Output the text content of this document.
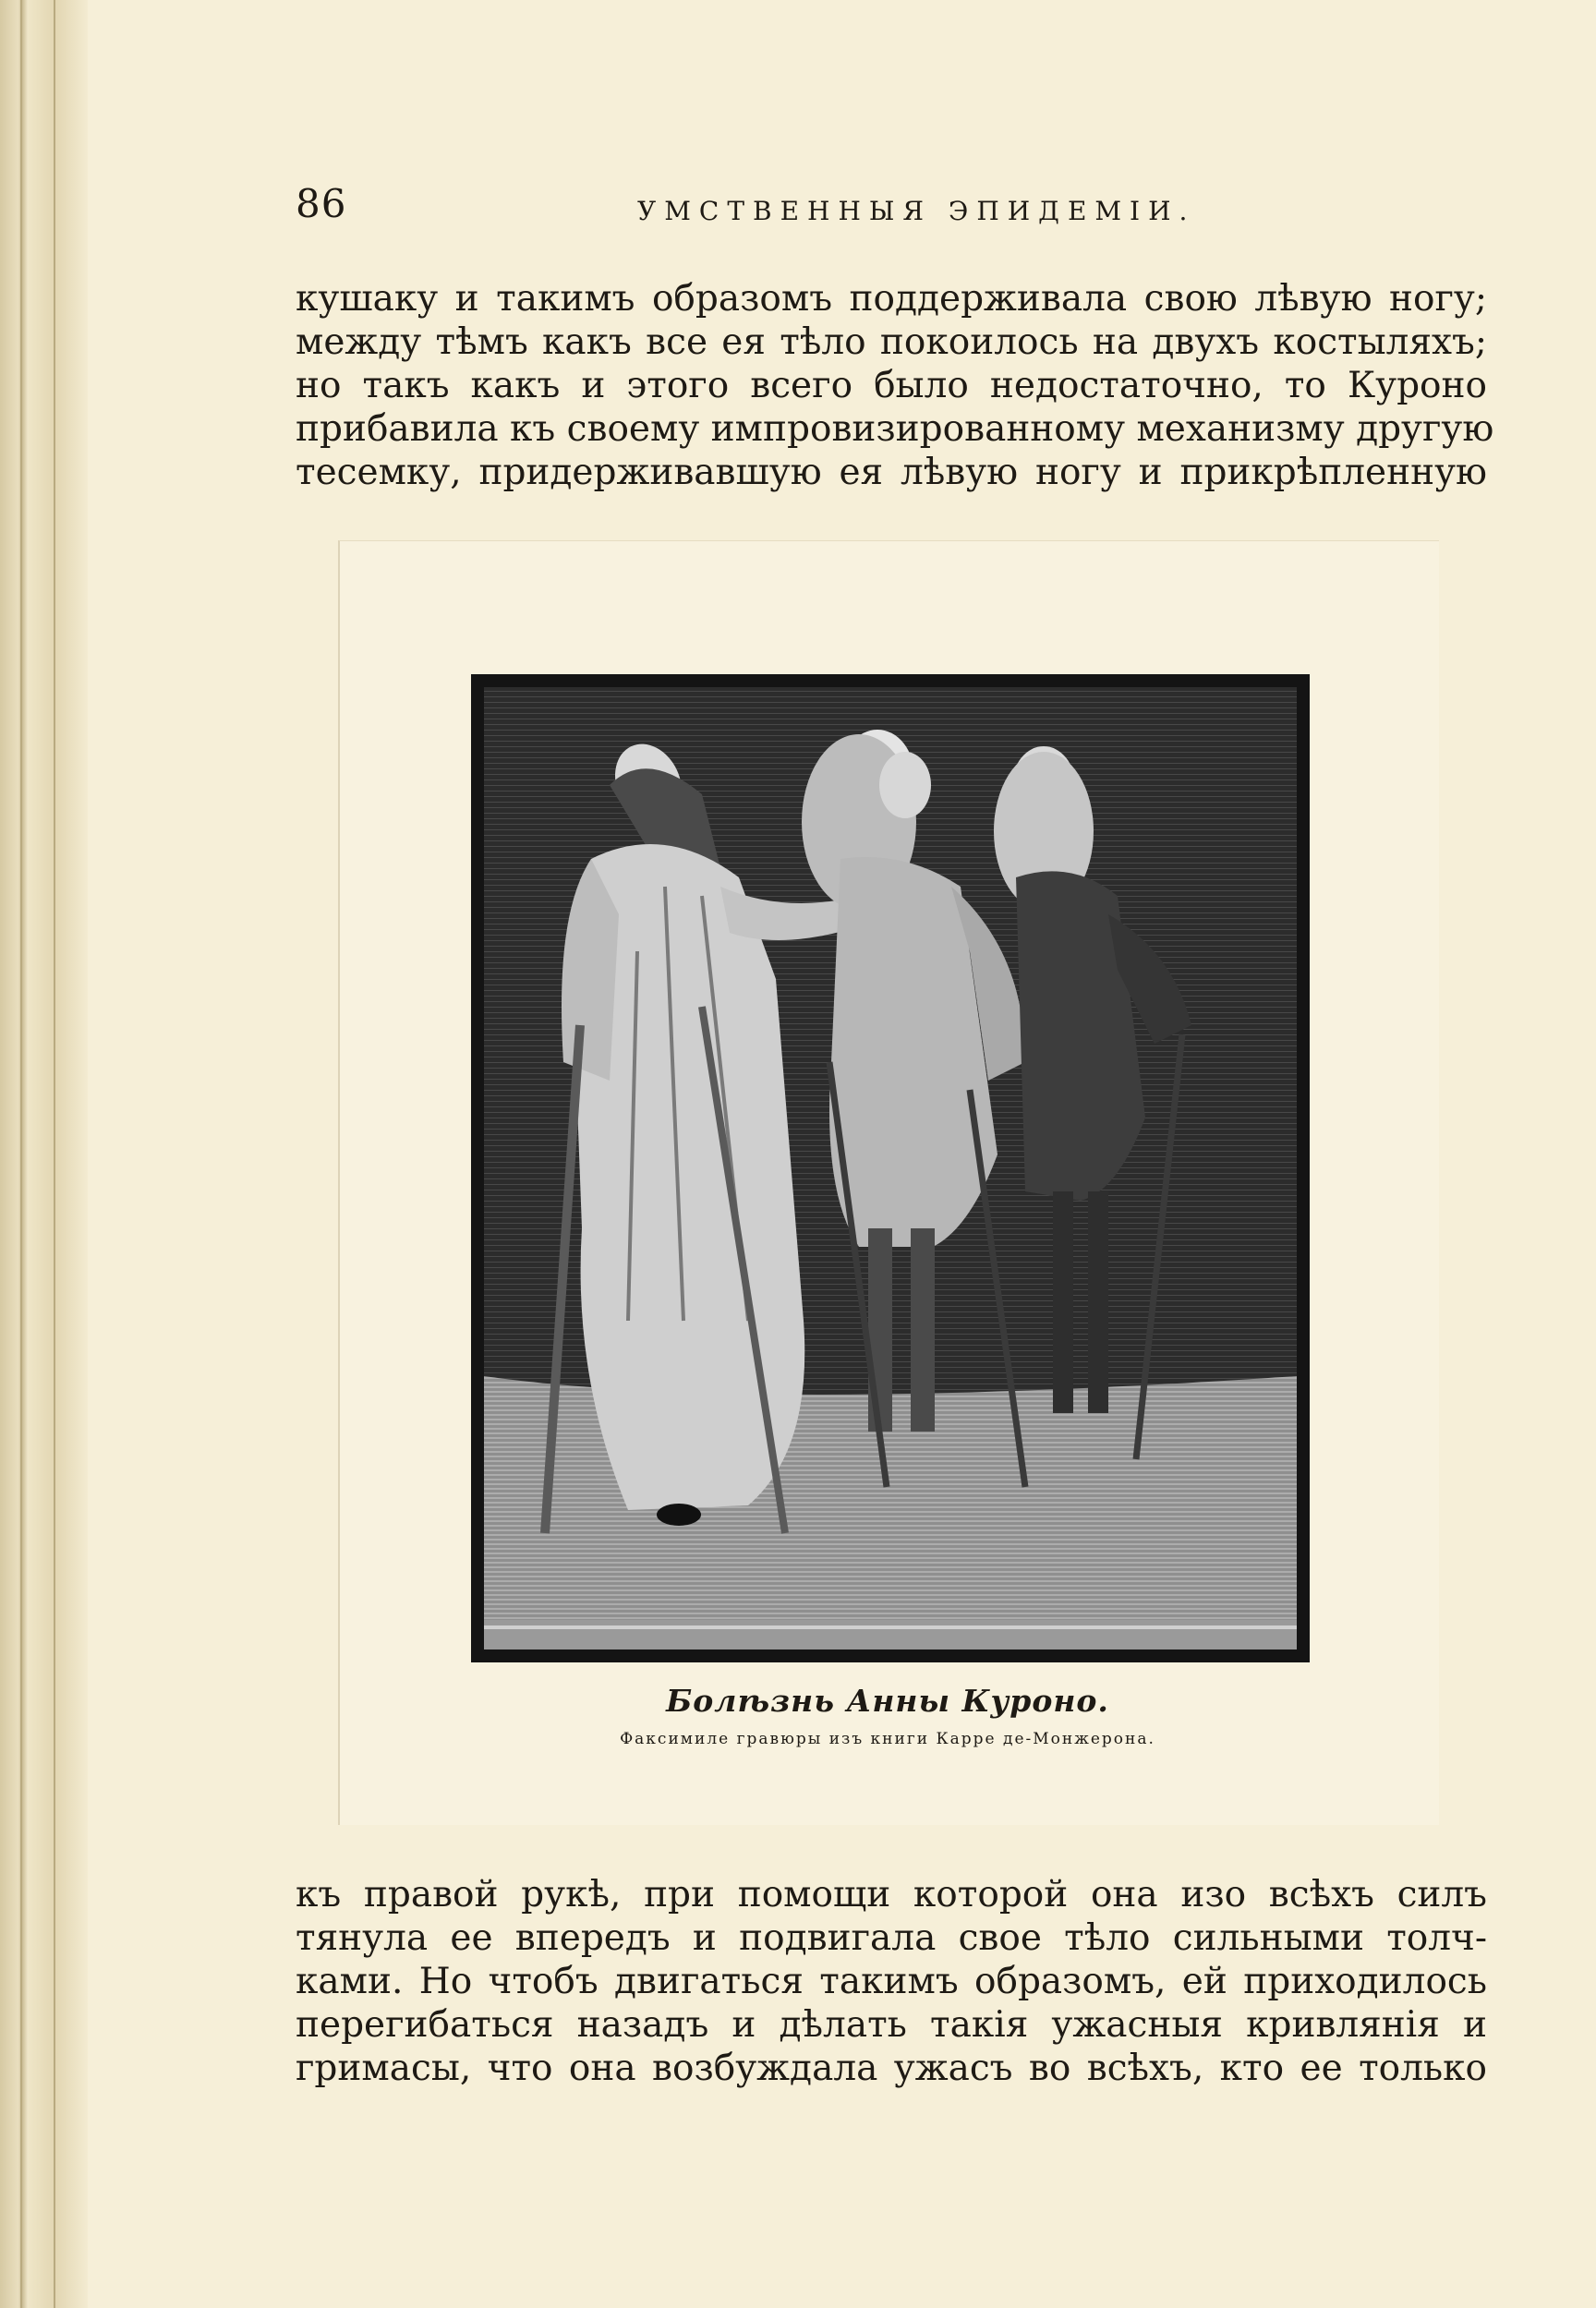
86	УМСТВЕННЫЯ ЭПИДЕМIИ.
кушаку и такимъ образомъ поддерживала свою лѣвую ногу;
между тѣмъ какъ все ея тѣло покоилось на двухъ костыляхъ;
но такъ какъ и этого всего было недостаточно, то Куроно
прибавила къ своему импровизированному механизму другую
тесемку, придерживавшую ея лѣвую ногу и прикрѣпленную
Болѣзнь Анны Куроно.
Факсимиле гравюры изъ книги Карре де-Монжерона.
къ правой рукѣ, при помощи которой она изо всѣхъ силъ
тянула ее впередъ и подвигала свое тѣло сильными толч-
ками. Но чтобъ двигаться такимъ образомъ, ей приходилось
перегибаться назадъ и дѣлать такія ужасныя кривлянія и
гримасы, что она возбуждала ужасъ во всѣхъ, кто ее только
